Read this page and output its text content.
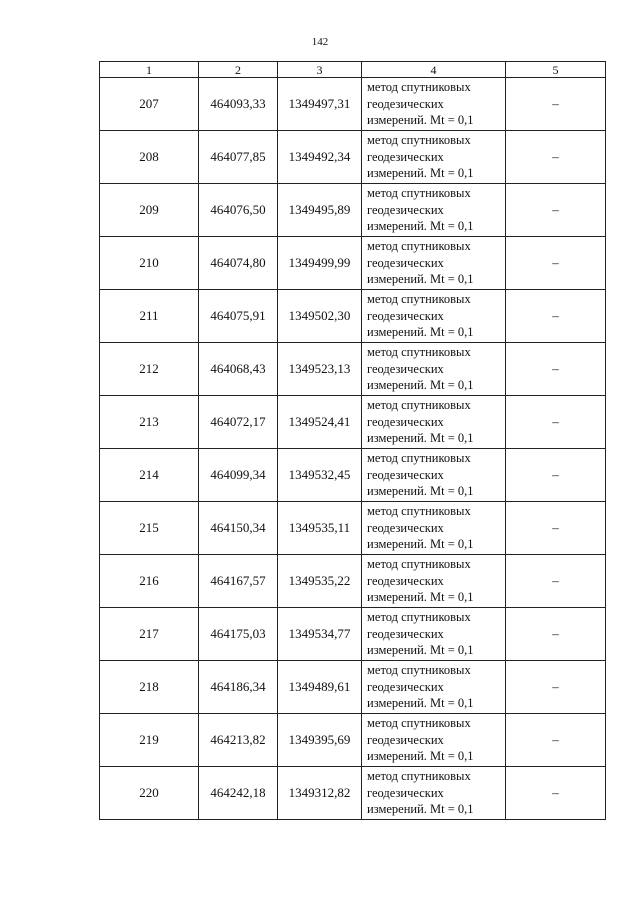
142
1	2	3	4	5
207	464093,33	1349497,31	метод спутниковых
геодезических
измерений. Mt = 0,1	–
208	464077,85	1349492,34	метод спутниковых
геодезических
измерений. Mt = 0,1	–
209	464076,50	1349495,89	метод спутниковых
геодезических
измерений. Mt = 0,1	–
210	464074,80	1349499,99	метод спутниковых
геодезических
измерений. Mt = 0,1	–
211	464075,91	1349502,30	метод спутниковых
геодезических
измерений. Mt = 0,1	–
212	464068,43	1349523,13	метод спутниковых
геодезических
измерений. Mt = 0,1	–
213	464072,17	1349524,41	метод спутниковых
геодезических
измерений. Mt = 0,1	–
214	464099,34	1349532,45	метод спутниковых
геодезических
измерений. Mt = 0,1	–
215	464150,34	1349535,11	метод спутниковых
геодезических
измерений. Mt = 0,1	–
216	464167,57	1349535,22	метод спутниковых
геодезических
измерений. Mt = 0,1	–
217	464175,03	1349534,77	метод спутниковых
геодезических
измерений. Mt = 0,1	–
218	464186,34	1349489,61	метод спутниковых
геодезических
измерений. Mt = 0,1	–
219	464213,82	1349395,69	метод спутниковых
геодезических
измерений. Mt = 0,1	–
220	464242,18	1349312,82	метод спутниковых
геодезических
измерений. Mt = 0,1	–
